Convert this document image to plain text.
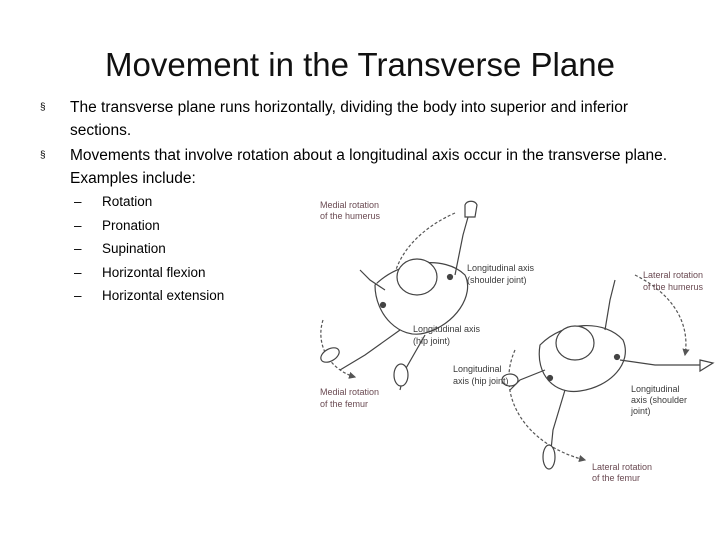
Movement in the Transverse Plane
§ The transverse plane runs horizontally, dividing the body into superior and inferior sections.
§ Movements that involve rotation about a longitudinal axis occur in the transverse plane. Examples include:
– Rotation
– Pronation
– Supination
– Horizontal flexion
– Horizontal extension
Medial rotation
of the humerus
Longitudinal axis
(shoulder joint)	Lateral rotation
of the humerus
Longitudinal axis
(hip joint)
Longitudinal
axis (hip joint)
Medial rotation
of the femur
Longitudinal
axis (shoulder
joint)
Lateral rotation
of the femur
